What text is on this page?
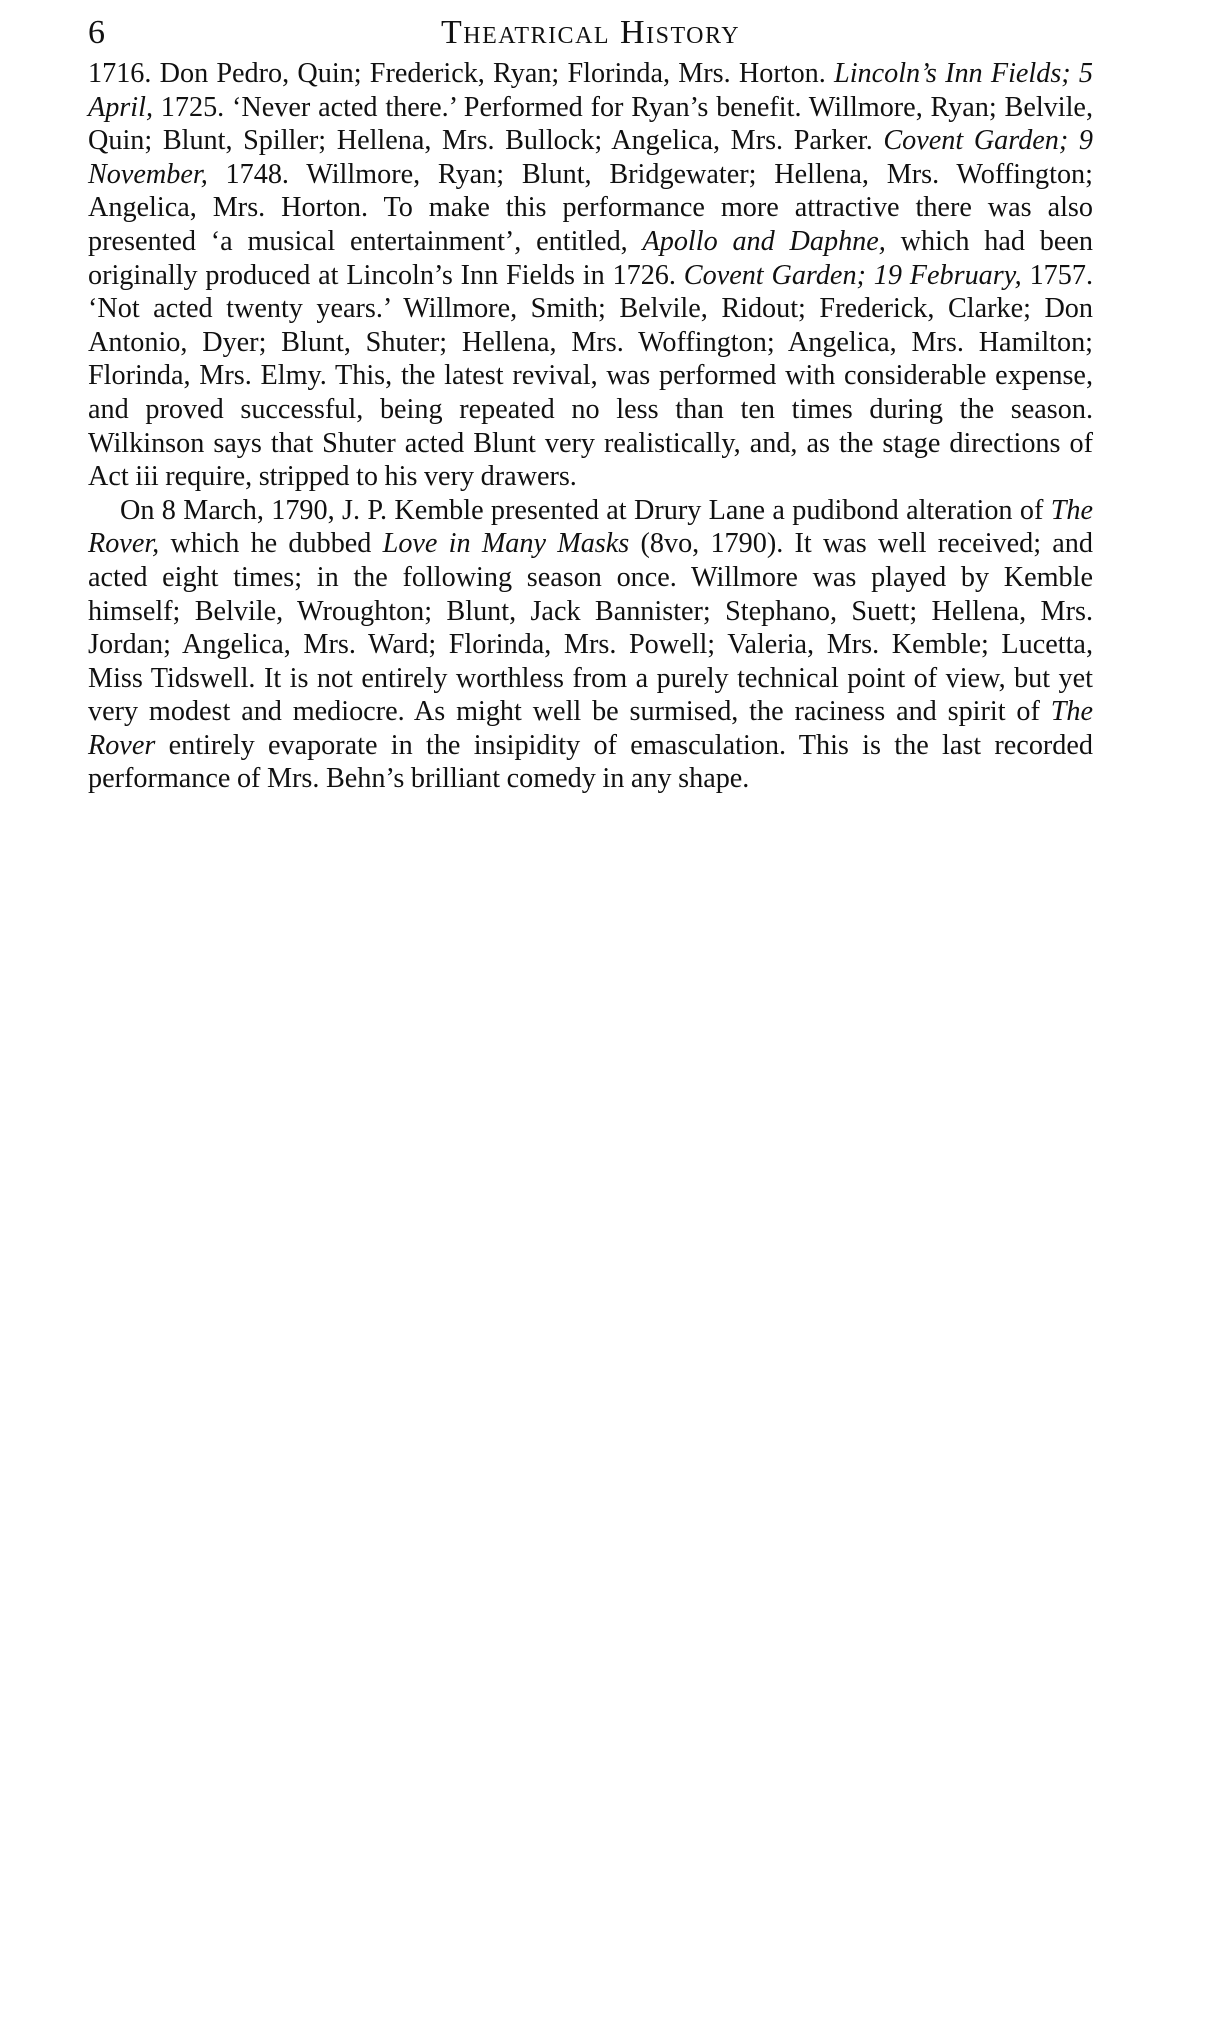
6	Theatrical History

1716. Don Pedro, Quin; Frederick, Ryan; Florinda, Mrs. Horton. Lincoln’s Inn Fields; 5 April, 1725. ‘Never acted there.’ Performed for Ryan’s benefit. Willmore, Ryan; Belvile, Quin; Blunt, Spiller; Hellena, Mrs. Bullock; Angelica, Mrs. Parker. Covent Garden; 9 November, 1748. Willmore, Ryan; Blunt, Bridgewater; Hellena, Mrs. Woffington; Angelica, Mrs. Horton. To make this performance more attractive there was also presented ‘a musical entertainment’, entitled, Apollo and Daphne, which had been originally produced at Lincoln’s Inn Fields in 1726. Covent Garden; 19 February, 1757. ‘Not acted twenty years.’ Willmore, Smith; Belvile, Ridout; Frederick, Clarke; Don Antonio, Dyer; Blunt, Shuter; Hellena, Mrs. Woffington; Angelica, Mrs. Hamilton; Florinda, Mrs. Elmy. This, the latest revival, was performed with considerable expense, and proved successful, being repeated no less than ten times during the season. Wilkinson says that Shuter acted Blunt very realistically, and, as the stage directions of Act iii require, stripped to his very drawers.

On 8 March, 1790, J. P. Kemble presented at Drury Lane a pudibond alteration of The Rover, which he dubbed Love in Many Masks (8vo, 1790). It was well received; and acted eight times; in the following season once. Willmore was played by Kemble himself; Belvile, Wroughton; Blunt, Jack Bannister; Stephano, Suett; Hellena, Mrs. Jordan; Angelica, Mrs. Ward; Florinda, Mrs. Powell; Valeria, Mrs. Kemble; Lucetta, Miss Tidswell. It is not entirely worthless from a purely technical point of view, but yet very modest and mediocre. As might well be surmised, the raciness and spirit of The Rover entirely evaporate in the insipidity of emasculation. This is the last recorded performance of Mrs. Behn’s brilliant comedy in any shape.
